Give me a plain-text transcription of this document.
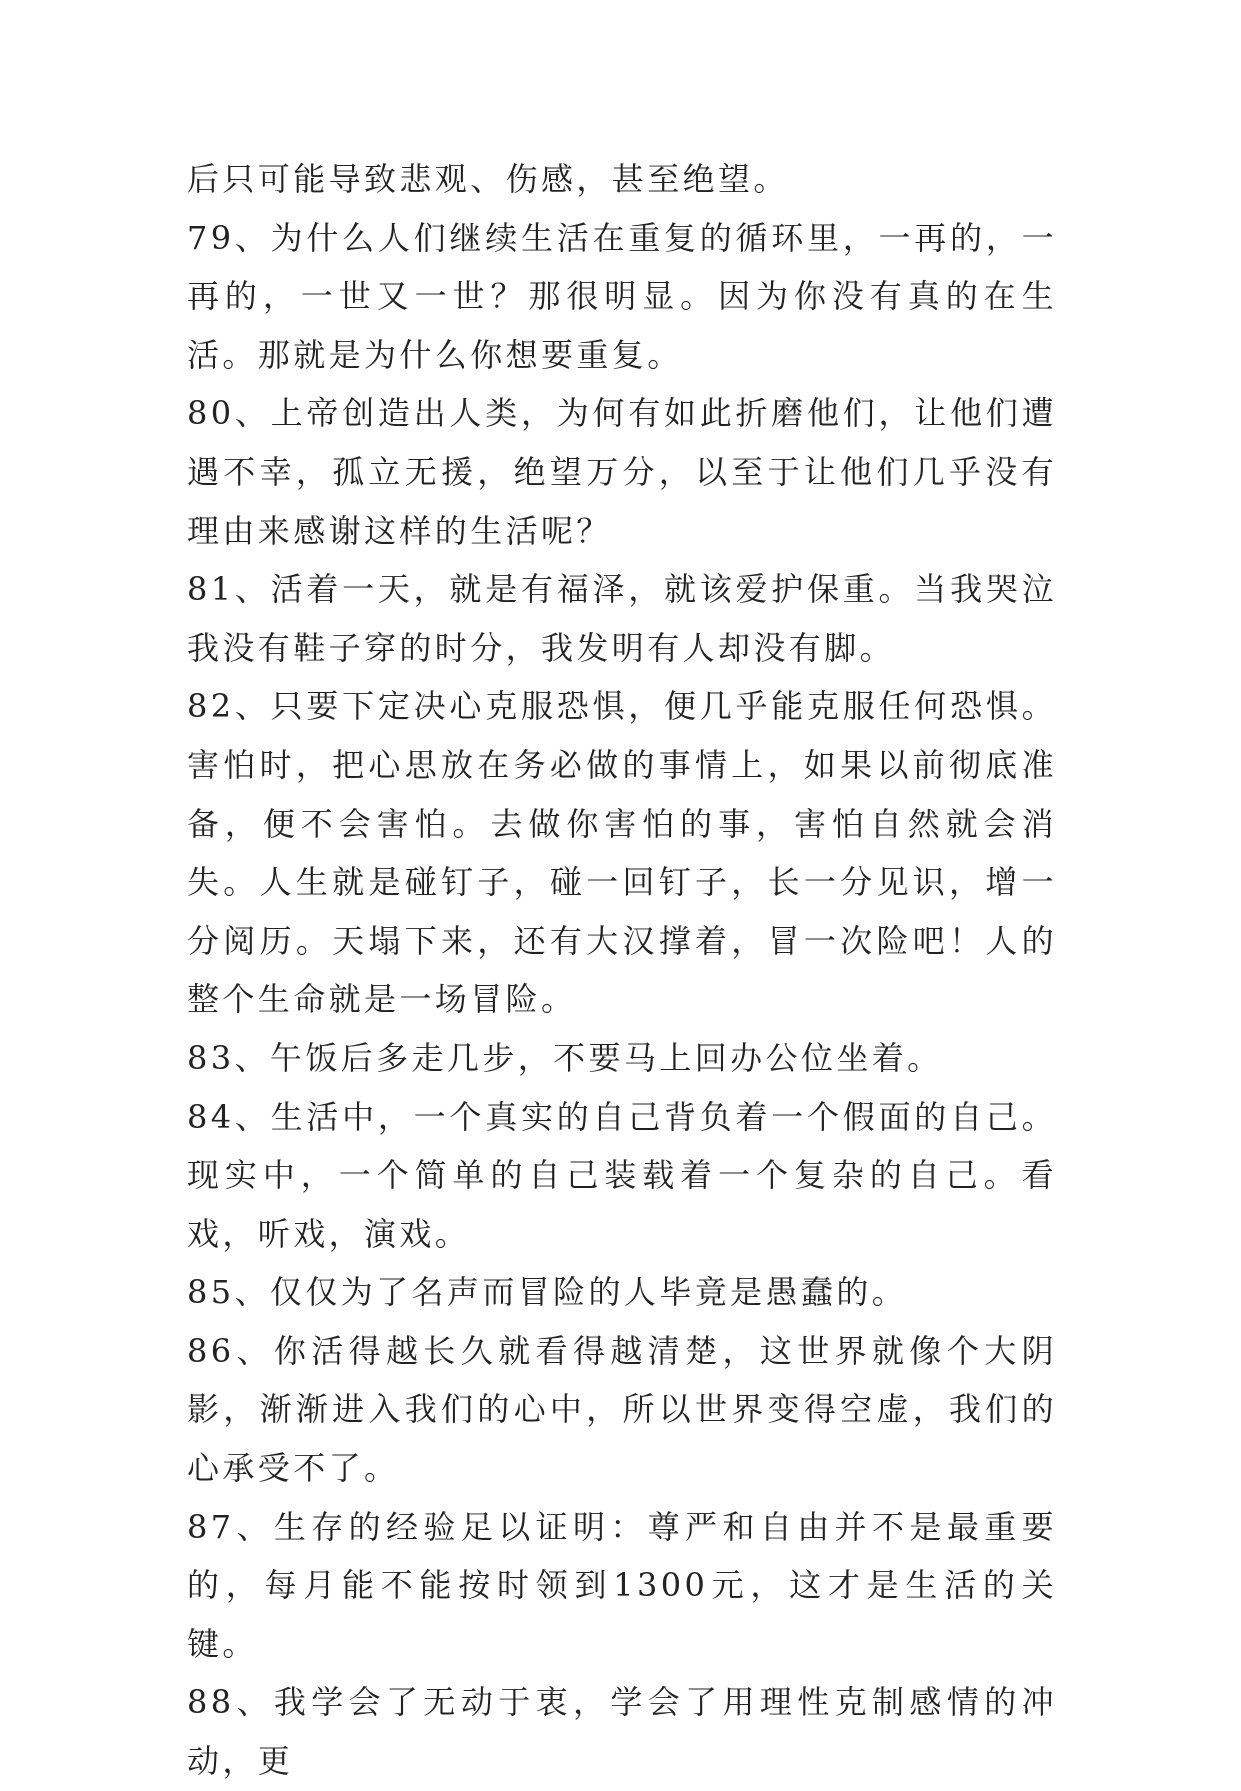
后只可能导致悲观、伤感，甚至绝望。

79、为什么人们继续生活在重复的循环里，一再的，一再的，一世又一世？那很明显。因为你没有真的在生活。那就是为什么你想要重复。

80、上帝创造出人类，为何有如此折磨他们，让他们遭遇不幸，孤立无援，绝望万分，以至于让他们几乎没有理由来感谢这样的生活呢？

81、活着一天，就是有福泽，就该爱护保重。当我哭泣我没有鞋子穿的时分，我发明有人却没有脚。

82、只要下定决心克服恐惧，便几乎能克服任何恐惧。害怕时，把心思放在务必做的事情上，如果以前彻底准备，便不会害怕。去做你害怕的事，害怕自然就会消失。人生就是碰钉子，碰一回钉子，长一分见识，增一分阅历。天塌下来，还有大汉撑着，冒一次险吧！人的整个生命就是一场冒险。

83、午饭后多走几步，不要马上回办公位坐着。

84、生活中，一个真实的自己背负着一个假面的自己。现实中，一个简单的自己装载着一个复杂的自己。看戏，听戏，演戏。

85、仅仅为了名声而冒险的人毕竟是愚蠢的。

86、你活得越长久就看得越清楚，这世界就像个大阴影，渐渐进入我们的心中，所以世界变得空虚，我们的心承受不了。

87、生存的经验足以证明：尊严和自由并不是最重要的，每月能不能按时领到1300元，这才是生活的关键。

88、我学会了无动于衷，学会了用理性克制感情的冲动，更
